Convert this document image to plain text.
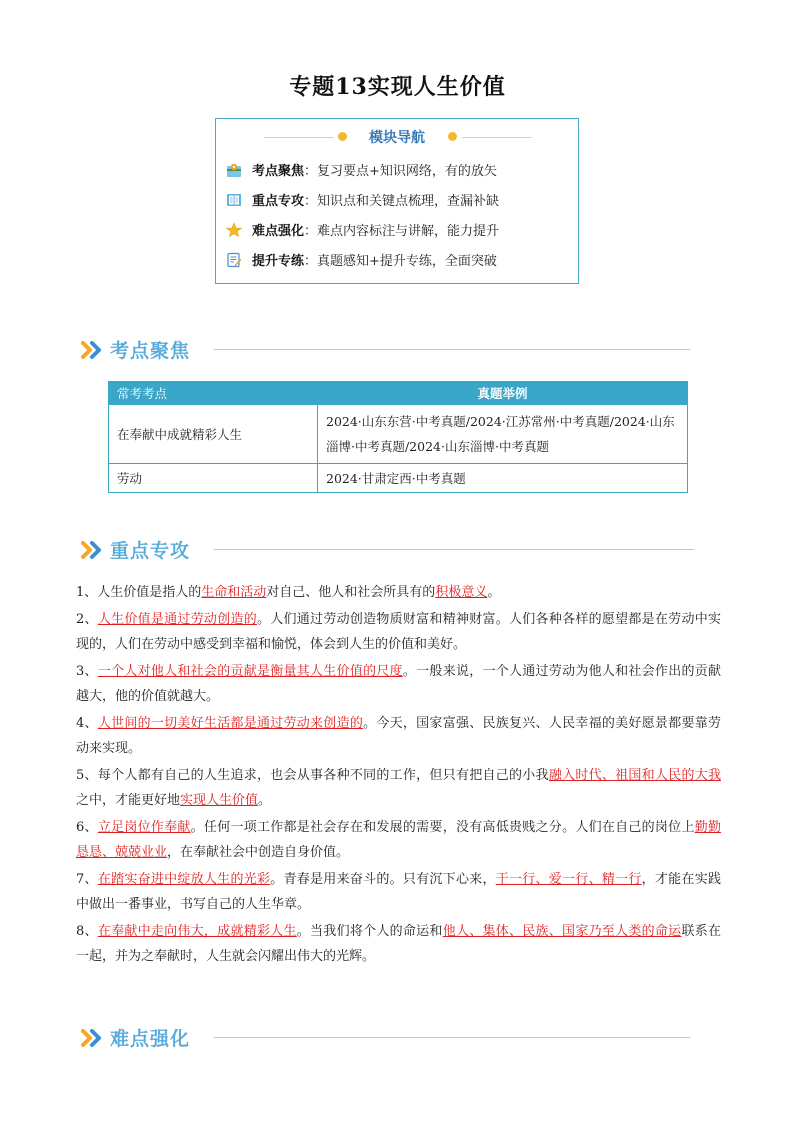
专题13实现人生价值
模块导航
考点聚焦：复习要点+知识网络，有的放矢
重点专攻：知识点和关键点梳理，查漏补缺
难点强化：难点内容标注与讲解，能力提升
提升专练：真题感知+提升专练，全面突破
考点聚焦
常考考点	真题举例
在奉献中成就精彩人生	2024·山东东营·中考真题/2024·江苏常州·中考真题/2024·山东淄博·中考真题/2024·山东淄博·中考真题
劳动	2024·甘肃定西·中考真题
重点专攻

1、人生价值是指人的生命和活动对自己、他人和社会所具有的积极意义。

2、人生价值是通过劳动创造的。人们通过劳动创造物质财富和精神财富。人们各种各样的愿望都是在劳动中实现的，人们在劳动中感受到幸福和愉悦，体会到人生的价值和美好。

3、一个人对他人和社会的贡献是衡量其人生价值的尺度。一般来说，一个人通过劳动为他人和社会作出的贡献越大，他的价值就越大。

4、人世间的一切美好生活都是通过劳动来创造的。今天，国家富强、民族复兴、人民幸福的美好愿景都要靠劳动来实现。

5、每个人都有自己的人生追求，也会从事各种不同的工作，但只有把自己的小我融入时代、祖国和人民的大我之中，才能更好地实现人生价值。

6、立足岗位作奉献。任何一项工作都是社会存在和发展的需要，没有高低贵贱之分。人们在自己的岗位上勤勤恳恳、兢兢业业，在奉献社会中创造自身价值。

7、在踏实奋进中绽放人生的光彩。青春是用来奋斗的。只有沉下心来，干一行、爱一行、精一行，才能在实践中做出一番事业，书写自己的人生华章。

8、在奉献中走向伟大，成就精彩人生。当我们将个人的命运和他人、集体、民族、国家乃至人类的命运联系在一起，并为之奉献时，人生就会闪耀出伟大的光辉。

难点强化
